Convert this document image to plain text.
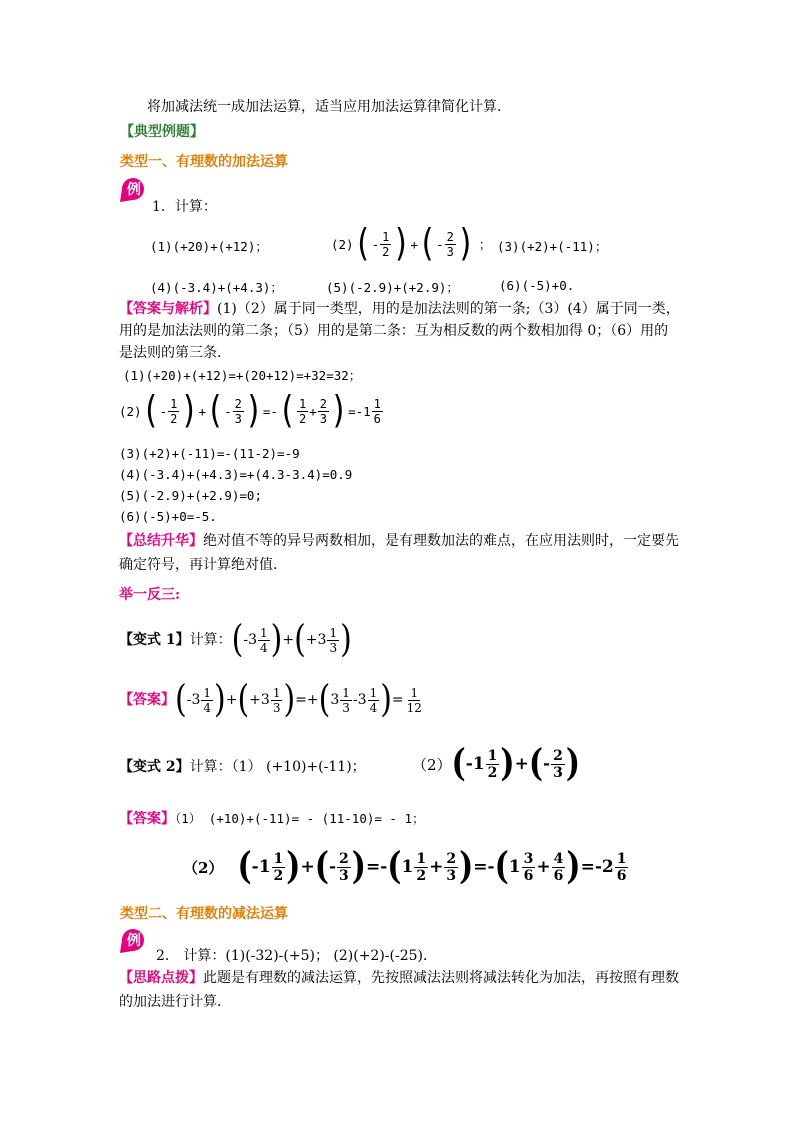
将加减法统一成加法运算，适当应用加法运算律简化计算.
【典型例题】
类型一、有理数的加法运算
例
1．计算：
(1)(+20)+(+12)；	(2) ( - $\frac{1}{2}$ ) + ( - $\frac{2}{3}$ ) ； (3)(+2)+(-11)；
(4)(-3.4)+(+4.3)；	(5)(-2.9)+(+2.9)；	(6)(-5)+0.
【答案与解析】(1)（2）属于同一类型，用的是加法法则的第一条;（3）(4）属于同一类，
用的是加法法则的第二条；（5）用的是第二条：互为相反数的两个数相加得 0；（6）用的
是法则的第三条．
(1)(+20)+(+12)=+(20+12)=+32=32；
(2) ( - $\frac{1}{2}$ ) + ( - $\frac{2}{3}$ ) = - ( $\frac{1}{2} + \frac{2}{3}$ ) = $-1 \frac{1}{6}$
(3)(+2)+(-11)=-(11-2)=-9
(4)(-3.4)+(+4.3)=+(4.3-3.4)=0.9
(5)(-2.9)+(+2.9)=0;
(6)(-5)+0=-5.
【总结升华】绝对值不等的异号两数相加，是有理数加法的难点，在应用法则时，一定要先
确定符号，再计算绝对值．
举一反三:
【变式 1】 计算： ( $-3 \frac{1}{4}$ ) + ( $+3 \frac{1}{3}$ )
【答案】 ( $-3 \frac{1}{4}$ ) + ( $+3 \frac{1}{3}$ ) = + ( $3 \frac{1}{3} -3 \frac{1}{4}$ ) = $\frac{1}{12}$
【变式 2】计算：（1） (+10)+(-11)；	（2） ( $-1 \frac{1}{2}$ ) + ( - $\frac{2}{3}$ )
【答案】（1） (+10)+(-11)= - (11-10)= - 1；
（2） ( $-1 \frac{1}{2}$ ) + ( - $\frac{2}{3}$ ) = - ( $1 \frac{1}{2} + \frac{2}{3}$ ) = - ( $1 \frac{3}{6} + \frac{4}{6}$ ) = $-2 \frac{1}{6}$
类型二、有理数的减法运算
例
2． 计算：(1)(-32)-(+5)； (2)(+2)-(-25)．
【思路点拨】此题是有理数的减法运算，先按照减法法则将减法转化为加法，再按照有理数
的加法进行计算．
